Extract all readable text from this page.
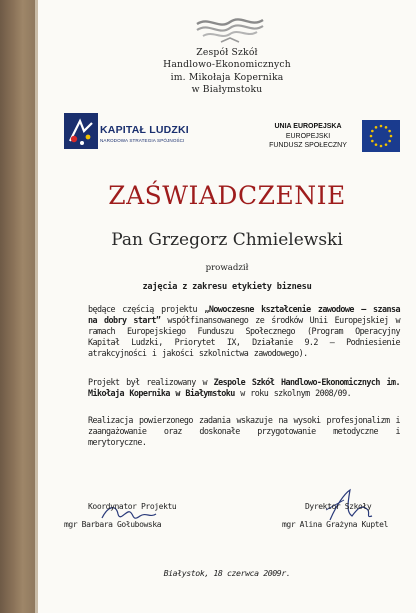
Zespół Szkół
Handlowo-Ekonomicznych
im. Mikołaja Kopernika
w Białymstoku
KAPITAŁ LUDZKI
NARODOWA STRATEGIA SPÓJNOŚCI
UNIA EUROPEJSKA
EUROPEJSKI
FUNDUSZ SPOŁECZNY
ZAŚWIADCZENIE
Pan Grzegorz Chmielewski
prowadził
zajęcia z zakresu etykiety biznesu
będące częścią projektu „Nowoczesne kształcenie zawodowe – szansa na dobry start” współfinansowanego ze środków Unii Europejskiej w ramach Europejskiego Funduszu Społecznego (Program Operacyjny Kapitał Ludzki, Priorytet IX, Działanie 9.2 – Podniesienie atrakcyjności i jakości szkolnictwa zawodowego).
Projekt był realizowany w Zespole Szkół Handlowo-Ekonomicznych im. Mikołaja Kopernika w Białymstoku w roku szkolnym 2008/09.
Realizacja powierzonego zadania wskazuje na wysoki profesjonalizm i zaangażowanie oraz doskonałe przygotowanie metodyczne i merytoryczne.
Koordynator Projektu
mgr Barbara Gołubowska
Dyrektor Szkoły
mgr Alina Grażyna Kuptel
Białystok, 18 czerwca 2009r.
